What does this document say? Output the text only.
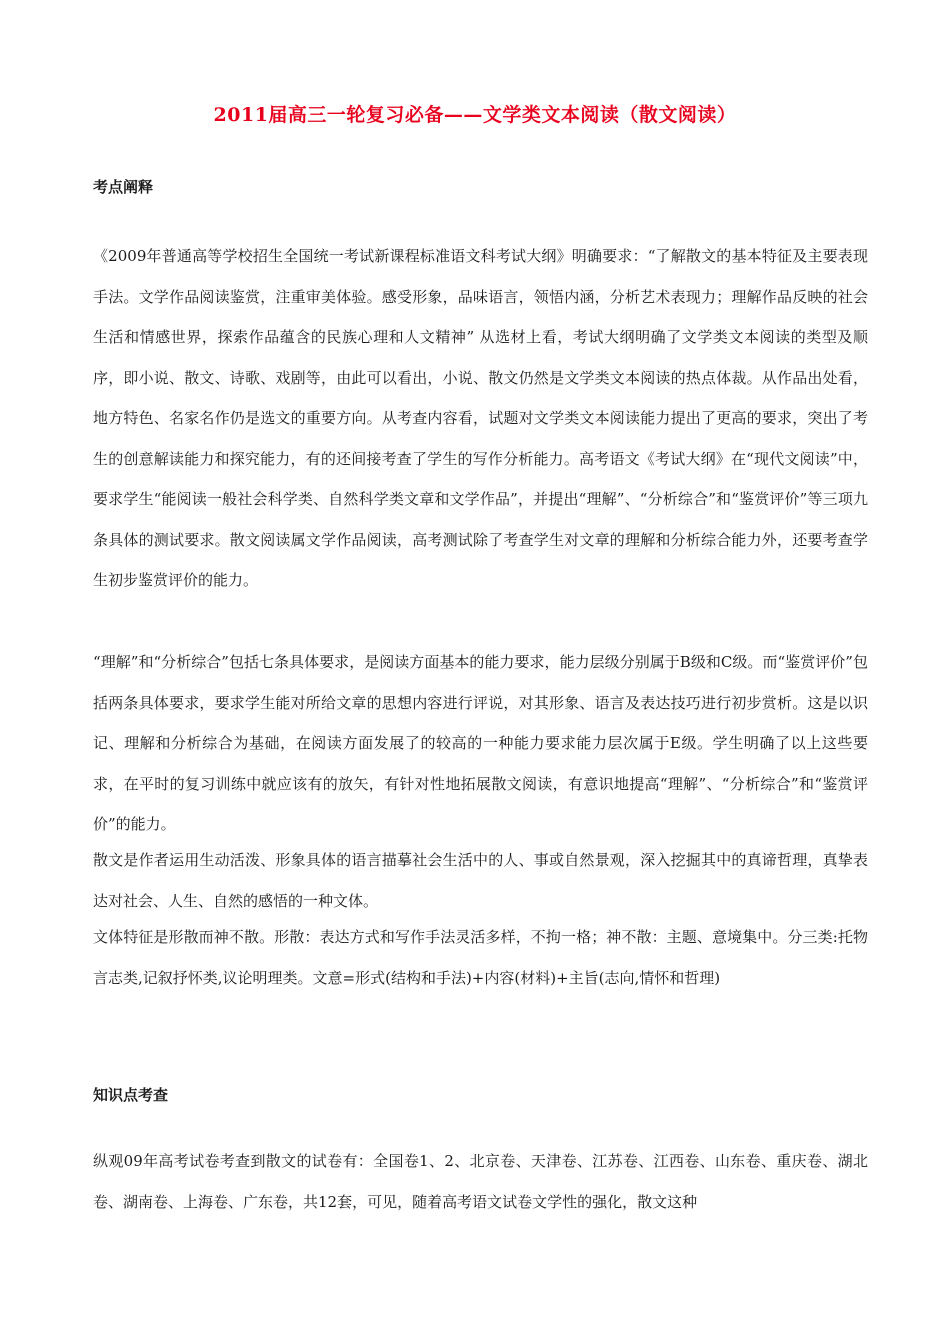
2011届高三一轮复习必备——文学类文本阅读（散文阅读）
考点阐释
《2009年普通高等学校招生全国统一考试新课程标准语文科考试大纲》明确要求：“了解散文的基本特征及主要表现手法。文学作品阅读鉴赏，注重审美体验。感受形象，品味语言，领悟内涵，分析艺术表现力；理解作品反映的社会生活和情感世界，探索作品蕴含的民族心理和人文精神” 从选材上看，考试大纲明确了文学类文本阅读的类型及顺序，即小说、散文、诗歌、戏剧等，由此可以看出，小说、散文仍然是文学类文本阅读的热点体裁。从作品出处看，地方特色、名家名作仍是选文的重要方向。从考查内容看，试题对文学类文本阅读能力提出了更高的要求，突出了考生的创意解读能力和探究能力，有的还间接考查了学生的写作分析能力。高考语文《考试大纲》在“现代文阅读”中，要求学生“能阅读一般社会科学类、自然科学类文章和文学作品”，并提出“理解”、“分析综合”和“鉴赏评价”等三项九条具体的测试要求。散文阅读属文学作品阅读，高考测试除了考查学生对文章的理解和分析综合能力外，还要考查学生初步鉴赏评价的能力。
“理解”和“分析综合”包括七条具体要求，是阅读方面基本的能力要求，能力层级分别属于B级和C级。而“鉴赏评价”包括两条具体要求，要求学生能对所给文章的思想内容进行评说，对其形象、语言及表达技巧进行初步赏析。这是以识记、理解和分析综合为基础，在阅读方面发展了的较高的一种能力要求能力层次属于E级。学生明确了以上这些要求，在平时的复习训练中就应该有的放矢，有针对性地拓展散文阅读，有意识地提高“理解”、“分析综合”和“鉴赏评价”的能力。
散文是作者运用生动活泼、形象具体的语言描摹社会生活中的人、事或自然景观，深入挖掘其中的真谛哲理，真挚表达对社会、人生、自然的感悟的一种文体。
文体特征是形散而神不散。形散：表达方式和写作手法灵活多样，不拘一格；神不散：主题、意境集中。分三类:托物言志类,记叙抒怀类,议论明理类。文意=形式(结构和手法)+内容(材料)+主旨(志向,情怀和哲理)
知识点考查
纵观09年高考试卷考查到散文的试卷有：全国卷1、2、北京卷、天津卷、江苏卷、江西卷、山东卷、重庆卷、湖北卷、湖南卷、上海卷、广东卷，共12套，可见，随着高考语文试卷文学性的强化，散文这种
